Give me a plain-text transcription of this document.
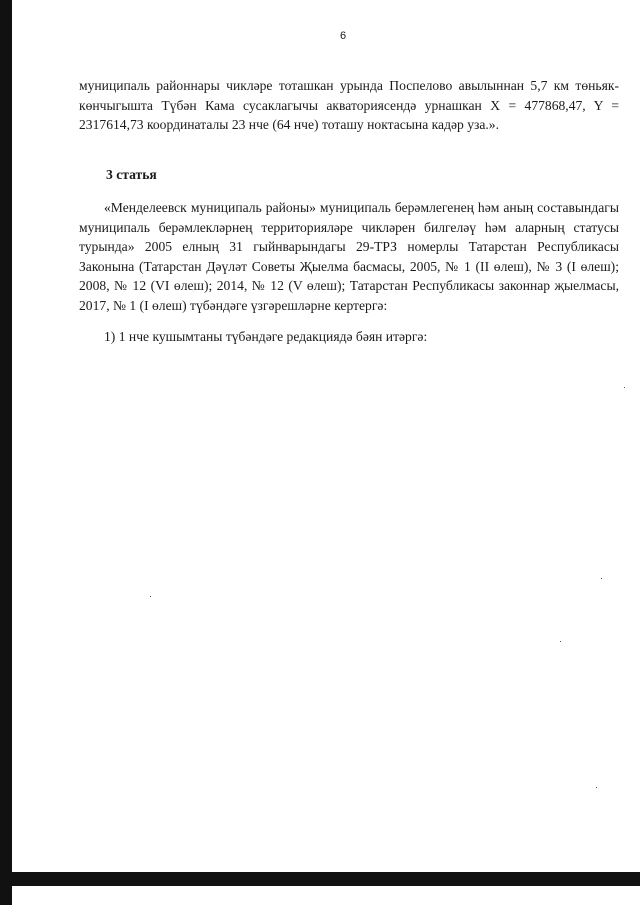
6
муниципаль районнары чикләре тоташкан урында Поспелово авылыннан 5,7 км төньяк-көнчыгышта Түбән Кама сусаклагычы акваториясендә урнашкан X = 477868,47, Y = 2317614,73 координаталы 23 нче (64 нче) тоташу ноктасына кадәр уза.».
3 статья
«Менделеевск муниципаль районы» муниципаль берәмлегенең һәм аның составындагы муниципаль берәмлекләрнең территорияләре чикләрен билгеләү һәм аларның статусы турында» 2005 елның 31 гыйнварындагы 29-ТРЗ номерлы Татарстан Республикасы Законына (Татарстан Дәүләт Советы Җыелма басмасы, 2005, № 1 (II өлеш), № 3 (I өлеш); 2008, № 12 (VI өлеш); 2014, № 12 (V өлеш); Татарстан Республикасы законнар җыелмасы, 2017, № 1 (I өлеш) түбәндәге үзгәрешләрне кертергә:
1) 1 нче кушымтаны түбәндәге редакциядә бәян итәргә:
